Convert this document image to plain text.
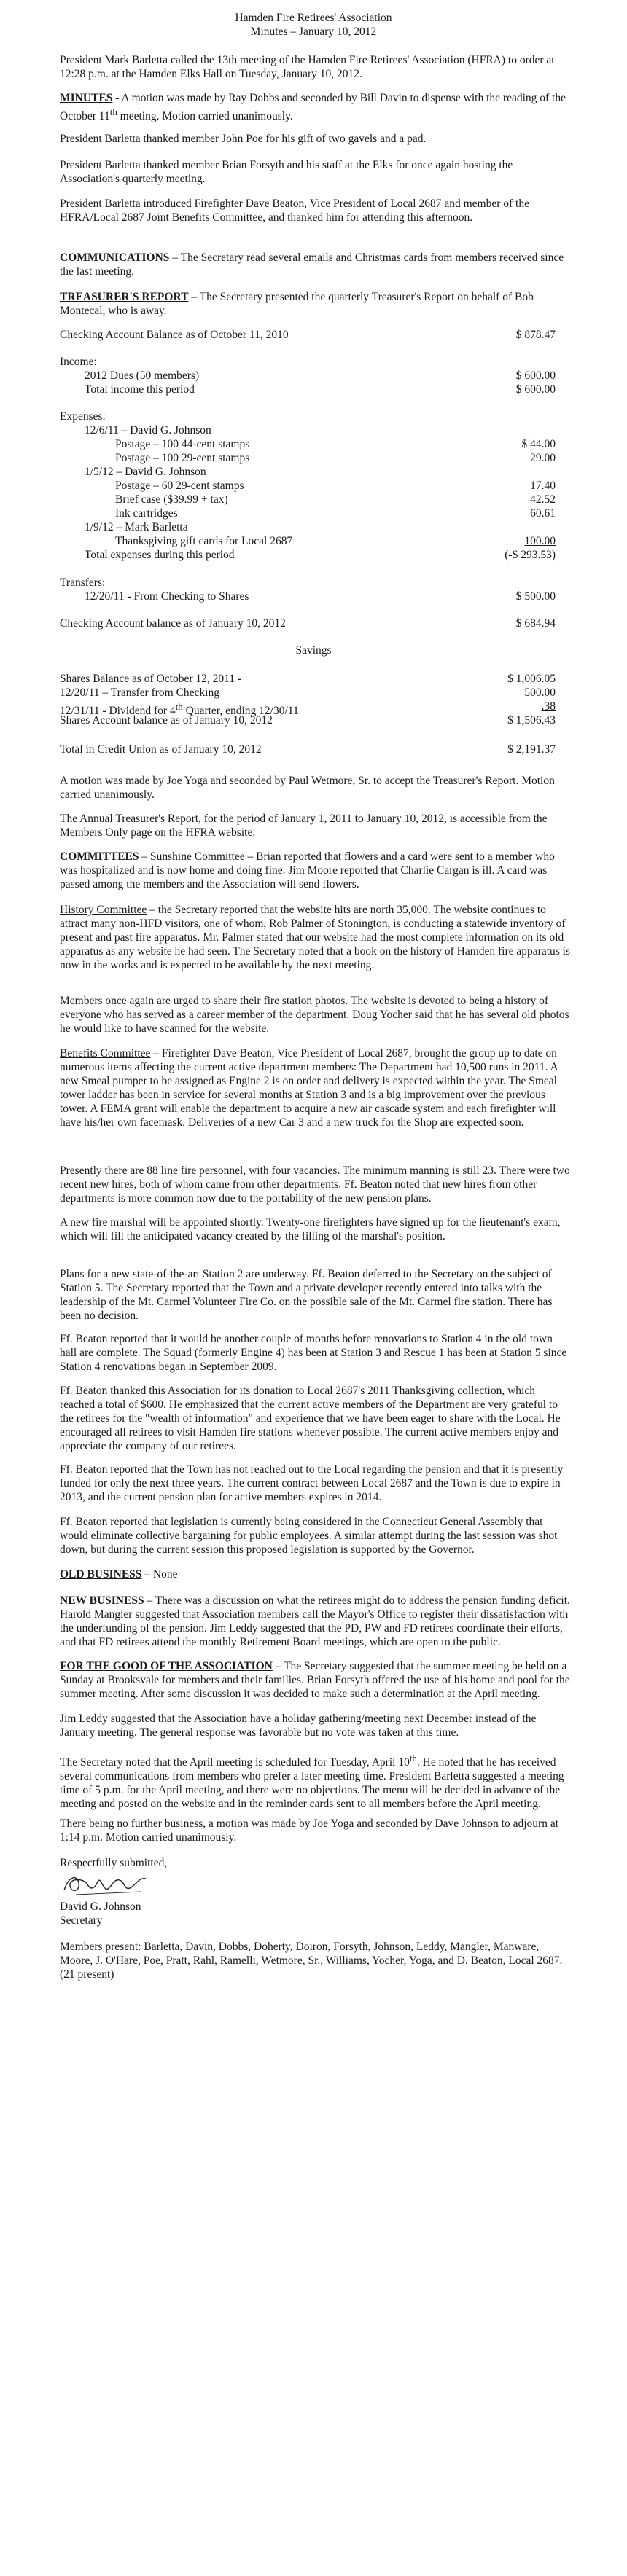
Hamden Fire Retirees' Association
Minutes – January 10, 2012

President Mark Barletta called the 13th meeting of the Hamden Fire Retirees' Association (HFRA) to order at 12:28 p.m. at the Hamden Elks Hall on Tuesday, January 10, 2012.

MINUTES - A motion was made by Ray Dobbs and seconded by Bill Davin to dispense with the reading of the October 11th meeting. Motion carried unanimously.

President Barletta thanked member John Poe for his gift of two gavels and a pad.

President Barletta thanked member Brian Forsyth and his staff at the Elks for once again hosting the Association's quarterly meeting.

President Barletta introduced Firefighter Dave Beaton, Vice President of Local 2687 and member of the HFRA/Local 2687 Joint Benefits Committee, and thanked him for attending this afternoon.

COMMUNICATIONS – The Secretary read several emails and Christmas cards from members received since the last meeting.

TREASURER'S REPORT – The Secretary presented the quarterly Treasurer's Report on behalf of Bob Montecal, who is away.

Checking Account Balance as of October 11, 2010	$ 878.47
Income:
2012 Dues (50 members)	$ 600.00
Total income this period	$ 600.00
Expenses:
12/6/11 – David G. Johnson
Postage – 100 44-cent stamps	$ 44.00
Postage – 100 29-cent stamps	29.00
1/5/12 – David G. Johnson
Postage – 60 29-cent stamps	17.40
Brief case ($39.99 + tax)	42.52
Ink cartridges	60.61
1/9/12 – Mark Barletta
Thanksgiving gift cards for Local 2687	100.00
Total expenses during this period	(-$ 293.53)
Transfers:
12/20/11 - From Checking to Shares	$ 500.00
Checking Account balance as of January 10, 2012	$ 684.94
Savings
Shares Balance as of October 12, 2011 -	$ 1,006.05
12/20/11 – Transfer from Checking	500.00
12/31/11 - Dividend for 4th Quarter, ending 12/30/11	.38
Shares Account balance as of January 10, 2012	$ 1,506.43
Total in Credit Union as of January 10, 2012	$ 2,191.37

A motion was made by Joe Yoga and seconded by Paul Wetmore, Sr. to accept the Treasurer's Report. Motion carried unanimously.

The Annual Treasurer's Report, for the period of January 1, 2011 to January 10, 2012, is accessible from the Members Only page on the HFRA website.

COMMITTEES – Sunshine Committee – Brian reported that flowers and a card were sent to a member who was hospitalized and is now home and doing fine. Jim Moore reported that Charlie Cargan is ill. A card was passed among the members and the Association will send flowers.

History Committee – the Secretary reported that the website hits are north 35,000. The website continues to attract many non-HFD visitors, one of whom, Rob Palmer of Stonington, is conducting a statewide inventory of present and past fire apparatus. Mr. Palmer stated that our website had the most complete information on its old apparatus as any website he had seen. The Secretary noted that a book on the history of Hamden fire apparatus is now in the works and is expected to be available by the next meeting.

Members once again are urged to share their fire station photos. The website is devoted to being a history of everyone who has served as a career member of the department. Doug Yocher said that he has several old photos he would like to have scanned for the website.

Benefits Committee – Firefighter Dave Beaton, Vice President of Local 2687, brought the group up to date on numerous items affecting the current active department members: The Department had 10,500 runs in 2011. A new Smeal pumper to be assigned as Engine 2 is on order and delivery is expected within the year. The Smeal tower ladder has been in service for several months at Station 3 and is a big improvement over the previous tower. A FEMA grant will enable the department to acquire a new air cascade system and each firefighter will have his/her own facemask. Deliveries of a new Car 3 and a new truck for the Shop are expected soon.

Presently there are 88 line fire personnel, with four vacancies. The minimum manning is still 23. There were two recent new hires, both of whom came from other departments. Ff. Beaton noted that new hires from other departments is more common now due to the portability of the new pension plans.

A new fire marshal will be appointed shortly. Twenty-one firefighters have signed up for the lieutenant's exam, which will fill the anticipated vacancy created by the filling of the marshal's position.

Plans for a new state-of-the-art Station 2 are underway. Ff. Beaton deferred to the Secretary on the subject of Station 5. The Secretary reported that the Town and a private developer recently entered into talks with the leadership of the Mt. Carmel Volunteer Fire Co. on the possible sale of the Mt. Carmel fire station. There has been no decision.

Ff. Beaton reported that it would be another couple of months before renovations to Station 4 in the old town hall are complete. The Squad (formerly Engine 4) has been at Station 3 and Rescue 1 has been at Station 5 since Station 4 renovations began in September 2009.

Ff. Beaton thanked this Association for its donation to Local 2687's 2011 Thanksgiving collection, which reached a total of $600. He emphasized that the current active members of the Department are very grateful to the retirees for the "wealth of information" and experience that we have been eager to share with the Local. He encouraged all retirees to visit Hamden fire stations whenever possible. The current active members enjoy and appreciate the company of our retirees.

Ff. Beaton reported that the Town has not reached out to the Local regarding the pension and that it is presently funded for only the next three years. The current contract between Local 2687 and the Town is due to expire in 2013, and the current pension plan for active members expires in 2014.

Ff. Beaton reported that legislation is currently being considered in the Connecticut General Assembly that would eliminate collective bargaining for public employees. A similar attempt during the last session was shot down, but during the current session this proposed legislation is supported by the Governor.

OLD BUSINESS – None

NEW BUSINESS – There was a discussion on what the retirees might do to address the pension funding deficit. Harold Mangler suggested that Association members call the Mayor's Office to register their dissatisfaction with the underfunding of the pension. Jim Leddy suggested that the PD, PW and FD retirees coordinate their efforts, and that FD retirees attend the monthly Retirement Board meetings, which are open to the public.

FOR THE GOOD OF THE ASSOCIATION – The Secretary suggested that the summer meeting be held on a Sunday at Brooksvale for members and their families. Brian Forsyth offered the use of his home and pool for the summer meeting. After some discussion it was decided to make such a determination at the April meeting.

Jim Leddy suggested that the Association have a holiday gathering/meeting next December instead of the January meeting. The general response was favorable but no vote was taken at this time.

The Secretary noted that the April meeting is scheduled for Tuesday, April 10th. He noted that he has received several communications from members who prefer a later meeting time. President Barletta suggested a meeting time of 5 p.m. for the April meeting, and there were no objections. The menu will be decided in advance of the meeting and posted on the website and in the reminder cards sent to all members before the April meeting.

There being no further business, a motion was made by Joe Yoga and seconded by Dave Johnson to adjourn at 1:14 p.m. Motion carried unanimously.

Respectfully submitted,

David G. Johnson

Secretary

Members present: Barletta, Davin, Dobbs, Doherty, Doiron, Forsyth, Johnson, Leddy, Mangler, Manware, Moore, J. O'Hare, Poe, Pratt, Rahl, Ramelli, Wetmore, Sr., Williams, Yocher, Yoga, and D. Beaton, Local 2687. (21 present)
